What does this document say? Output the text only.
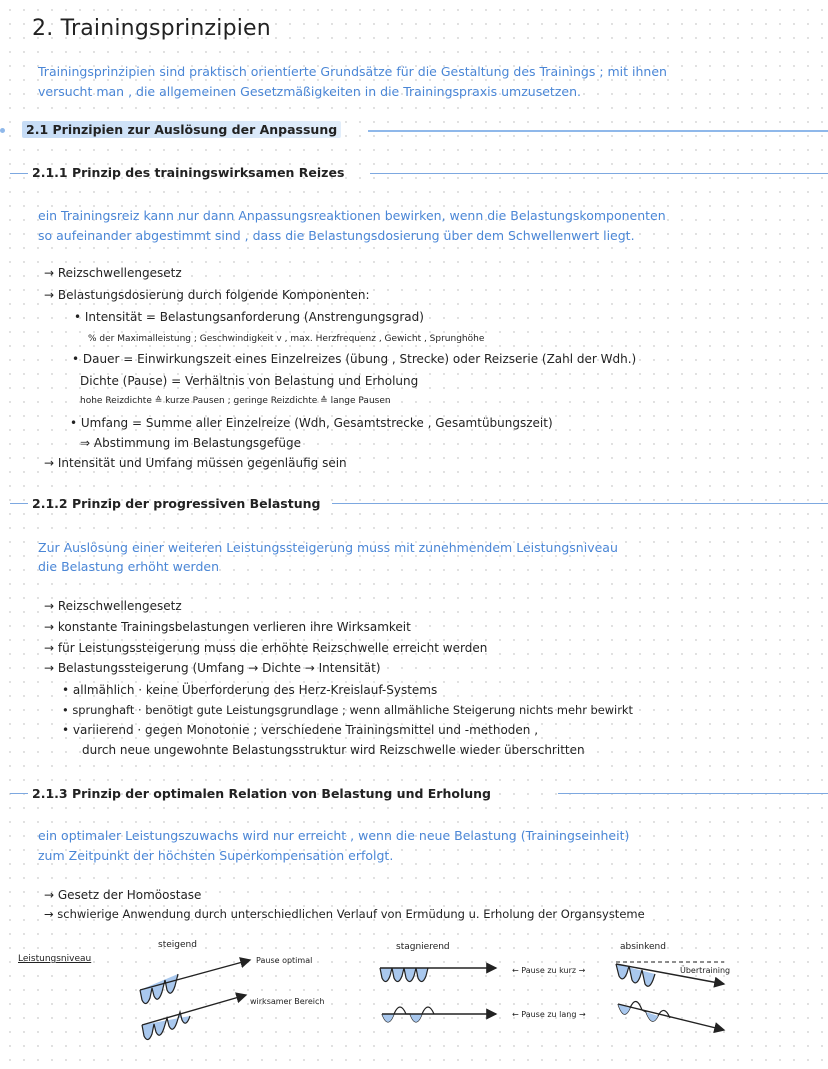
2. Trainingsprinzipien
Trainingsprinzipien sind praktisch orientierte Grundsätze für die Gestaltung des Trainings ; mit ihnen
versucht man , die allgemeinen Gesetzmäßigkeiten in die Trainingspraxis umzusetzen.
2.1 Prinzipien zur Auslösung der Anpassung
2.1.1 Prinzip des trainingswirksamen Reizes
ein Trainingsreiz kann nur dann Anpassungsreaktionen bewirken, wenn die Belastungskomponenten
so aufeinander abgestimmt sind , dass die Belastungsdosierung über dem Schwellenwert liegt.
→ Reizschwellengesetz
→ Belastungsdosierung durch folgende Komponenten:
• Intensität = Belastungsanforderung (Anstrengungsgrad)
% der Maximalleistung ; Geschwindigkeit v , max. Herzfrequenz , Gewicht , Sprunghöhe
• Dauer = Einwirkungszeit eines Einzelreizes (übung , Strecke) oder Reizserie (Zahl der Wdh.)
Dichte (Pause) = Verhältnis von Belastung und Erholung
hohe Reizdichte ≙ kurze Pausen ; geringe Reizdichte ≙ lange Pausen
• Umfang = Summe aller Einzelreize (Wdh, Gesamtstrecke , Gesamtübungszeit)
⇒ Abstimmung im Belastungsgefüge
→ Intensität und Umfang müssen gegenläufig sein
2.1.2 Prinzip der progressiven Belastung
Zur Auslösung einer weiteren Leistungssteigerung muss mit zunehmendem Leistungsniveau
die Belastung erhöht werden
→ Reizschwellengesetz
→ konstante Trainingsbelastungen verlieren ihre Wirksamkeit
→ für Leistungssteigerung muss die erhöhte Reizschwelle erreicht werden
→ Belastungssteigerung (Umfang → Dichte → Intensität)
• allmählich · keine Überforderung des Herz-Kreislauf-Systems
• sprunghaft · benötigt gute Leistungsgrundlage ; wenn allmähliche Steigerung nichts mehr bewirkt
• variierend · gegen Monotonie ; verschiedene Trainingsmittel und -methoden ,
durch neue ungewohnte Belastungsstruktur wird Reizschwelle wieder überschritten
2.1.3 Prinzip der optimalen Relation von Belastung und Erholung
ein optimaler Leistungszuwachs wird nur erreicht , wenn die neue Belastung (Trainingseinheit)
zum Zeitpunkt der höchsten Superkompensation erfolgt.
→ Gesetz der Homöostase
→ schwierige Anwendung durch unterschiedlichen Verlauf von Ermüdung u. Erholung der Organsysteme
Leistungsniveau
steigend	stagnierend	absinkend
Pause optimal
wirksamer Bereich
← Pause zu kurz →
← Pause zu lang →
Übertraining
